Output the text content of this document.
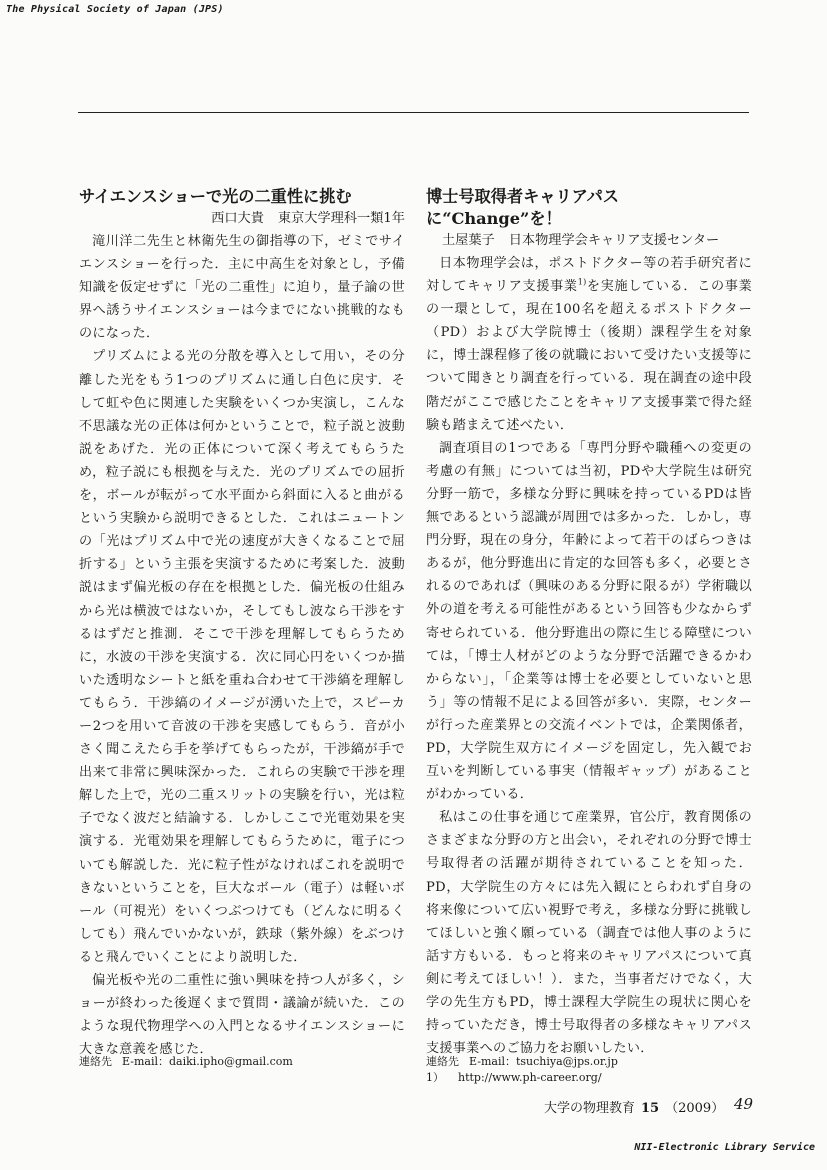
The Physical Society of Japan (JPS)
サイエンスショーで光の二重性に挑む
西口大貴 東京大学理科一類1年

滝川洋二先生と林衛先生の御指導の下，ゼミでサイエンスショーを行った．主に中高生を対象とし，予備知識を仮定せずに「光の二重性」に迫り，量子論の世界へ誘うサイエンスショーは今までにない挑戦的なものになった．

プリズムによる光の分散を導入として用い，その分離した光をもう1つのプリズムに通し白色に戻す．そして虹や色に関連した実験をいくつか実演し，こんな不思議な光の正体は何かということで，粒子説と波動説をあげた．光の正体について深く考えてもらうため，粒子説にも根拠を与えた．光のプリズムでの屈折を，ボールが転がって水平面から斜面に入ると曲がるという実験から説明できるとした．これはニュートンの「光はプリズム中で光の速度が大きくなることで屈折する」という主張を実演するために考案した．波動説はまず偏光板の存在を根拠とした．偏光板の仕組みから光は横波ではないか，そしてもし波なら干渉をするはずだと推測．そこで干渉を理解してもらうために，水波の干渉を実演する．次に同心円をいくつか描いた透明なシートと紙を重ね合わせて干渉縞を理解してもらう．干渉縞のイメージが湧いた上で，スピーカー2つを用いて音波の干渉を実感してもらう．音が小さく聞こえたら手を挙げてもらったが，干渉縞が手で出来て非常に興味深かった．これらの実験で干渉を理解した上で，光の二重スリットの実験を行い，光は粒子でなく波だと結論する．しかしここで光電効果を実演する．光電効果を理解してもらうために，電子についても解説した．光に粒子性がなければこれを説明できないということを，巨大なボール（電子）は軽いボール（可視光）をいくつぶつけても（どんなに明るくしても）飛んでいかないが，鉄球（紫外線）をぶつけると飛んでいくことにより説明した．

偏光板や光の二重性に強い興味を持つ人が多く，ショーが終わった後遅くまで質問・議論が続いた．このような現代物理学への入門となるサイエンスショーに大きな意義を感じた．

博士号取得者キャリアパスに“Change”を！
土屋葉子 日本物理学会キャリア支援センター

日本物理学会は，ポストドクター等の若手研究者に対してキャリア支援事業$^{1)}$を実施している．この事業の一環として，現在100名を超えるポストドクター（PD）および大学院博士（後期）課程学生を対象に，博士課程修了後の就職において受けたい支援等について聞きとり調査を行っている．現在調査の途中段階だがここで感じたことをキャリア支援事業で得た経験も踏まえて述べたい．

調査項目の1つである「専門分野や職種への変更の考慮の有無」については当初，PDや大学院生は研究分野一筋で，多様な分野に興味を持っているPDは皆無であるという認識が周囲では多かった．しかし，専門分野，現在の身分，年齢によって若干のばらつきはあるが，他分野進出に肯定的な回答も多く，必要とされるのであれば（興味のある分野に限るが）学術職以外の道を考える可能性があるという回答も少なからず寄せられている．他分野進出の際に生じる障壁については，「博士人材がどのような分野で活躍できるかわからない」，「企業等は博士を必要としていないと思う」等の情報不足による回答が多い．実際，センターが行った産業界との交流イベントでは，企業関係者，PD，大学院生双方にイメージを固定し，先入観でお互いを判断している事実（情報ギャップ）があることがわかっている．

私はこの仕事を通じて産業界，官公庁，教育関係のさまざまな分野の方と出会い，それぞれの分野で博士号取得者の活躍が期待されていることを知った．PD，大学院生の方々には先入観にとらわれず自身の将来像について広い視野で考え，多様な分野に挑戦してほしいと強く願っている（調査では他人事のように話す方もいる．もっと将来のキャリアパスについて真剣に考えてほしい！）．また，当事者だけでなく，大学の先生方もPD，博士課程大学院生の現状に関心を持っていただき，博士号取得者の多様なキャリアパス支援事業へのご協力をお願いしたい．

1） http://www.ph-career.org/
連絡先 E-mail：daiki.ipho@gmail.com	連絡先 E-mail：tsuchiya@jps.or.jp
大学の物理教育 15 （2009） 49
NII-Electronic Library Service
